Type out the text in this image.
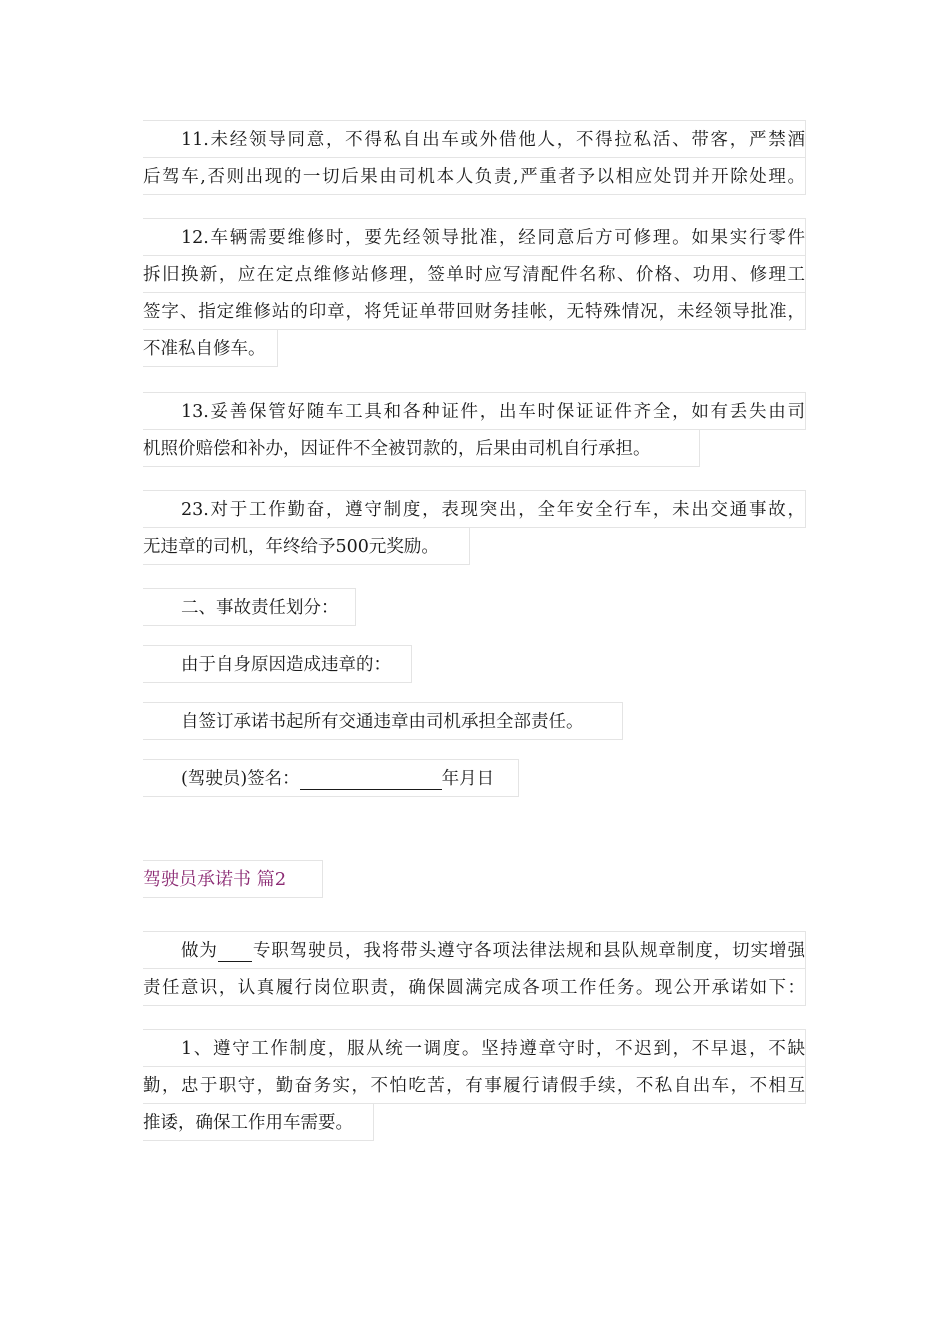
11.未经领导同意，不得私自出车或外借他人，不得拉私活、带客，严禁酒
后驾车,否则出现的一切后果由司机本人负责,严重者予以相应处罚并开除处理。
12.车辆需要维修时，要先经领导批准，经同意后方可修理。如果实行零件
拆旧换新，应在定点维修站修理，签单时应写清配件名称、价格、功用、修理工
签字、指定维修站的印章，将凭证单带回财务挂帐，无特殊情况，未经领导批准，
不准私自修车。
13.妥善保管好随车工具和各种证件，出车时保证证件齐全，如有丢失由司
机照价赔偿和补办，因证件不全被罚款的，后果由司机自行承担。
23.对于工作勤奋，遵守制度，表现突出，全年安全行车，未出交通事故，
无违章的司机，年终给予500元奖励。
二、事故责任划分：
由于自身原因造成违章的：
自签订承诺书起所有交通违章由司机承担全部责任。
(驾驶员)签名：	年月日
驾驶员承诺书 篇2
做为 专职驾驶员，我将带头遵守各项法律法规和县队规章制度，切实增强
责任意识，认真履行岗位职责，确保圆满完成各项工作任务。现公开承诺如下：
1、遵守工作制度，服从统一调度。坚持遵章守时，不迟到，不早退，不缺
勤，忠于职守，勤奋务实，不怕吃苦，有事履行请假手续，不私自出车，不相互
推诿，确保工作用车需要。
